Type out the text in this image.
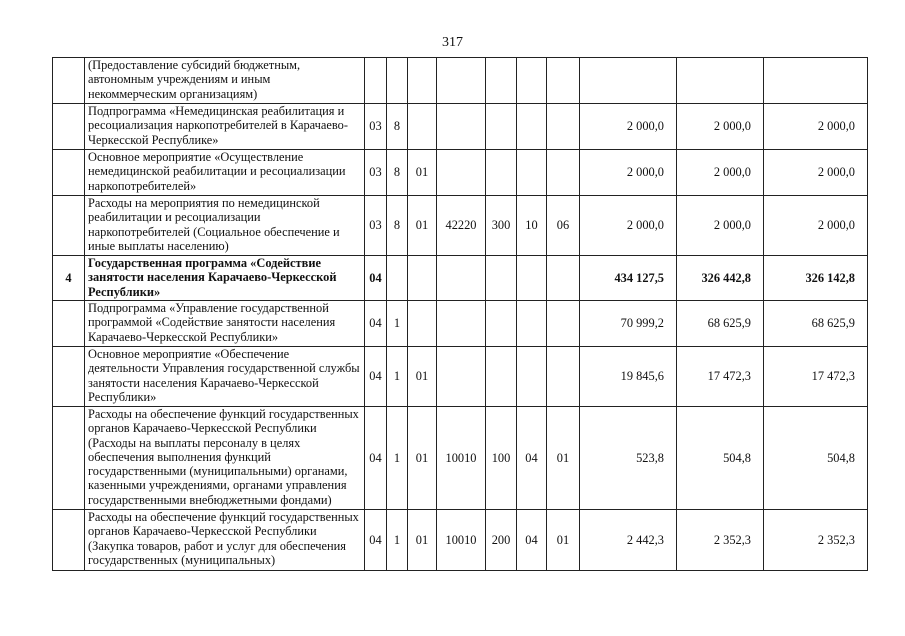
317
	(Предоставление субсидий бюджетным, автономным учреждениям и иным некоммерческим организациям)										
	Подпрограмма «Немедицинская реабилитация и ресоциализация наркопотребителей в Карачаево-Черкесской Республике»	03	8						2 000,0	2 000,0	2 000,0
	Основное мероприятие «Осуществление немедицинской реабилитации и ресоциализации наркопотребителей»	03	8	01					2 000,0	2 000,0	2 000,0
	Расходы на мероприятия по немедицинской реабилитации и ресоциализации наркопотребителей (Социальное обеспечение и иные выплаты населению)	03	8	01	42220	300	10	06	2 000,0	2 000,0	2 000,0
4	Государственная программа «Содействие занятости населения Карачаево-Черкесской Республики»	04							434 127,5	326 442,8	326 142,8
	Подпрограмма «Управление государственной программой «Содействие занятости населения Карачаево-Черкесской Республики»	04	1						70 999,2	68 625,9	68 625,9
	Основное мероприятие «Обеспечение деятельности Управления государственной службы занятости населения Карачаево-Черкесской Республики»	04	1	01					19 845,6	17 472,3	17 472,3
	Расходы на обеспечение функций государственных органов Карачаево-Черкесской Республики (Расходы на выплаты персоналу в целях обеспечения выполнения функций государственными (муниципальными) органами, казенными учреждениями, органами управления государственными внебюджетными фондами)	04	1	01	10010	100	04	01	523,8	504,8	504,8
	Расходы на обеспечение функций государственных органов Карачаево-Черкесской Республики (Закупка товаров, работ и услуг для обеспечения государственных (муниципальных)	04	1	01	10010	200	04	01	2 442,3	2 352,3	2 352,3
